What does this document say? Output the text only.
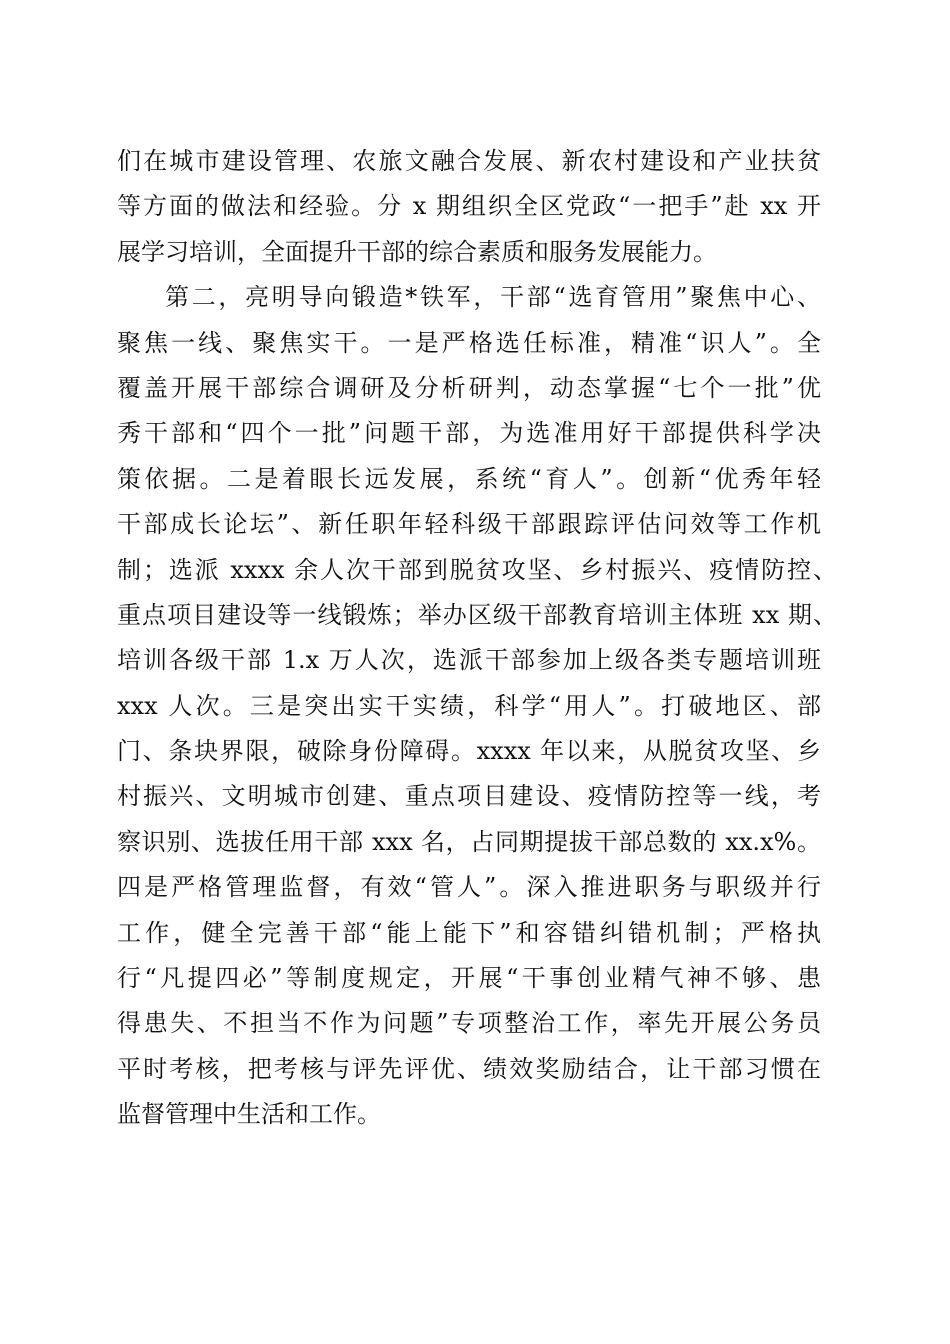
们在城市建设管理、农旅文融合发展、新农村建设和产业扶贫
等方面的做法和经验。分 x 期组织全区党政“一把手”赴 xx 开
展学习培训，全面提升干部的综合素质和服务发展能力。
第二，亮明导向锻造*铁军，干部“选育管用”聚焦中心、
聚焦一线、聚焦实干。一是严格选任标准，精准“识人”。全
覆盖开展干部综合调研及分析研判，动态掌握“七个一批”优
秀干部和“四个一批”问题干部，为选准用好干部提供科学决
策依据。二是着眼长远发展，系统“育人”。创新“优秀年轻
干部成长论坛”、新任职年轻科级干部跟踪评估问效等工作机
制；选派 xxxx 余人次干部到脱贫攻坚、乡村振兴、疫情防控、
重点项目建设等一线锻炼；举办区级干部教育培训主体班 xx 期、
培训各级干部 1.x 万人次，选派干部参加上级各类专题培训班
xxx 人次。三是突出实干实绩，科学“用人”。打破地区、部
门、条块界限，破除身份障碍。xxxx 年以来，从脱贫攻坚、乡
村振兴、文明城市创建、重点项目建设、疫情防控等一线，考
察识别、选拔任用干部 xxx 名，占同期提拔干部总数的 xx.x%。
四是严格管理监督，有效“管人”。深入推进职务与职级并行
工作，健全完善干部“能上能下”和容错纠错机制；严格执
行“凡提四必”等制度规定，开展“干事创业精气神不够、患
得患失、不担当不作为问题”专项整治工作，率先开展公务员
平时考核，把考核与评先评优、绩效奖励结合，让干部习惯在
监督管理中生活和工作。
